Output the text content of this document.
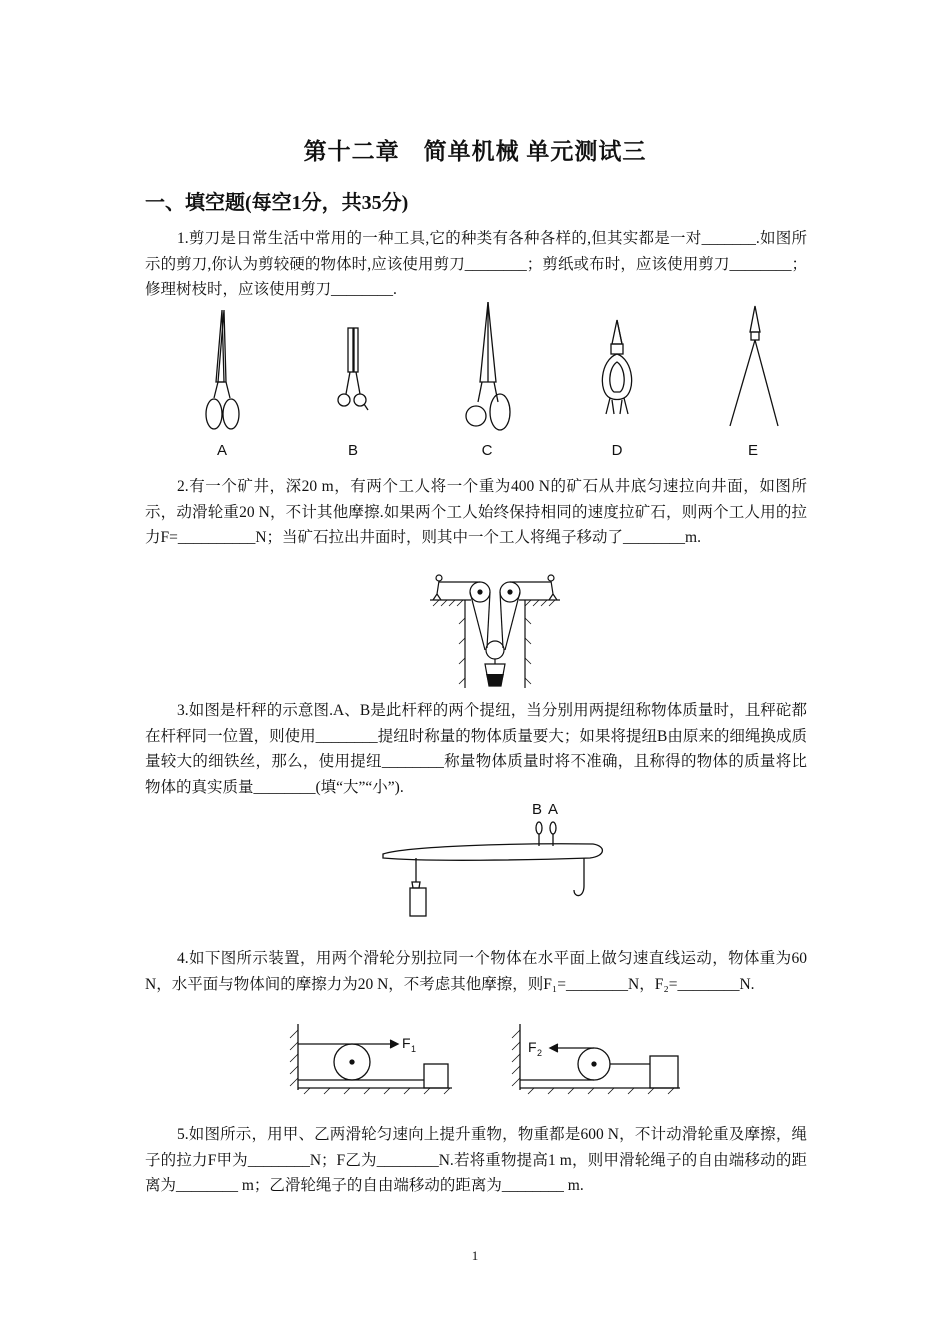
第十二章　简单机械 单元测试三
一、填空题(每空1分，共35分)
1.剪刀是日常生活中常用的一种工具,它的种类有各种各样的,但其实都是一对_______.如图所示的剪刀,你认为剪较硬的物体时,应该使用剪刀________；剪纸或布时，应该使用剪刀________；修理树枝时，应该使用剪刀________.
A	B	C	D	E
2.有一个矿井，深20 m，有两个工人将一个重为400 N的矿石从井底匀速拉向井面，如图所示，动滑轮重20 N，不计其他摩擦.如果两个工人始终保持相同的速度拉矿石，则两个工人用的拉力F=__________N；当矿石拉出井面时，则其中一个工人将绳子移动了________m.
3.如图是杆秤的示意图.A、B是此杆秤的两个提纽，当分别用两提纽称物体质量时，且秤砣都在杆秤同一位置，则使用________提纽时称量的物体质量要大；如果将提纽B由原来的细绳换成质量较大的细铁丝，那么，使用提纽________称量物体质量时将不准确，且称得的物体的质量将比物体的真实质量________(填“大”“小”).
B A
4.如下图所示装置，用两个滑轮分别拉同一个物体在水平面上做匀速直线运动，物体重为60 N，水平面与物体间的摩擦力为20 N，不考虑其他摩擦，则F₁=________N，F₂=________N.
F 1	F 2
5.如图所示，用甲、乙两滑轮匀速向上提升重物，物重都是600 N，不计动滑轮重及摩擦，绳子的拉力F甲为________N；F乙为________N.若将重物提高1 m，则甲滑轮绳子的自由端移动的距离为________ m；乙滑轮绳子的自由端移动的距离为________ m.
1
